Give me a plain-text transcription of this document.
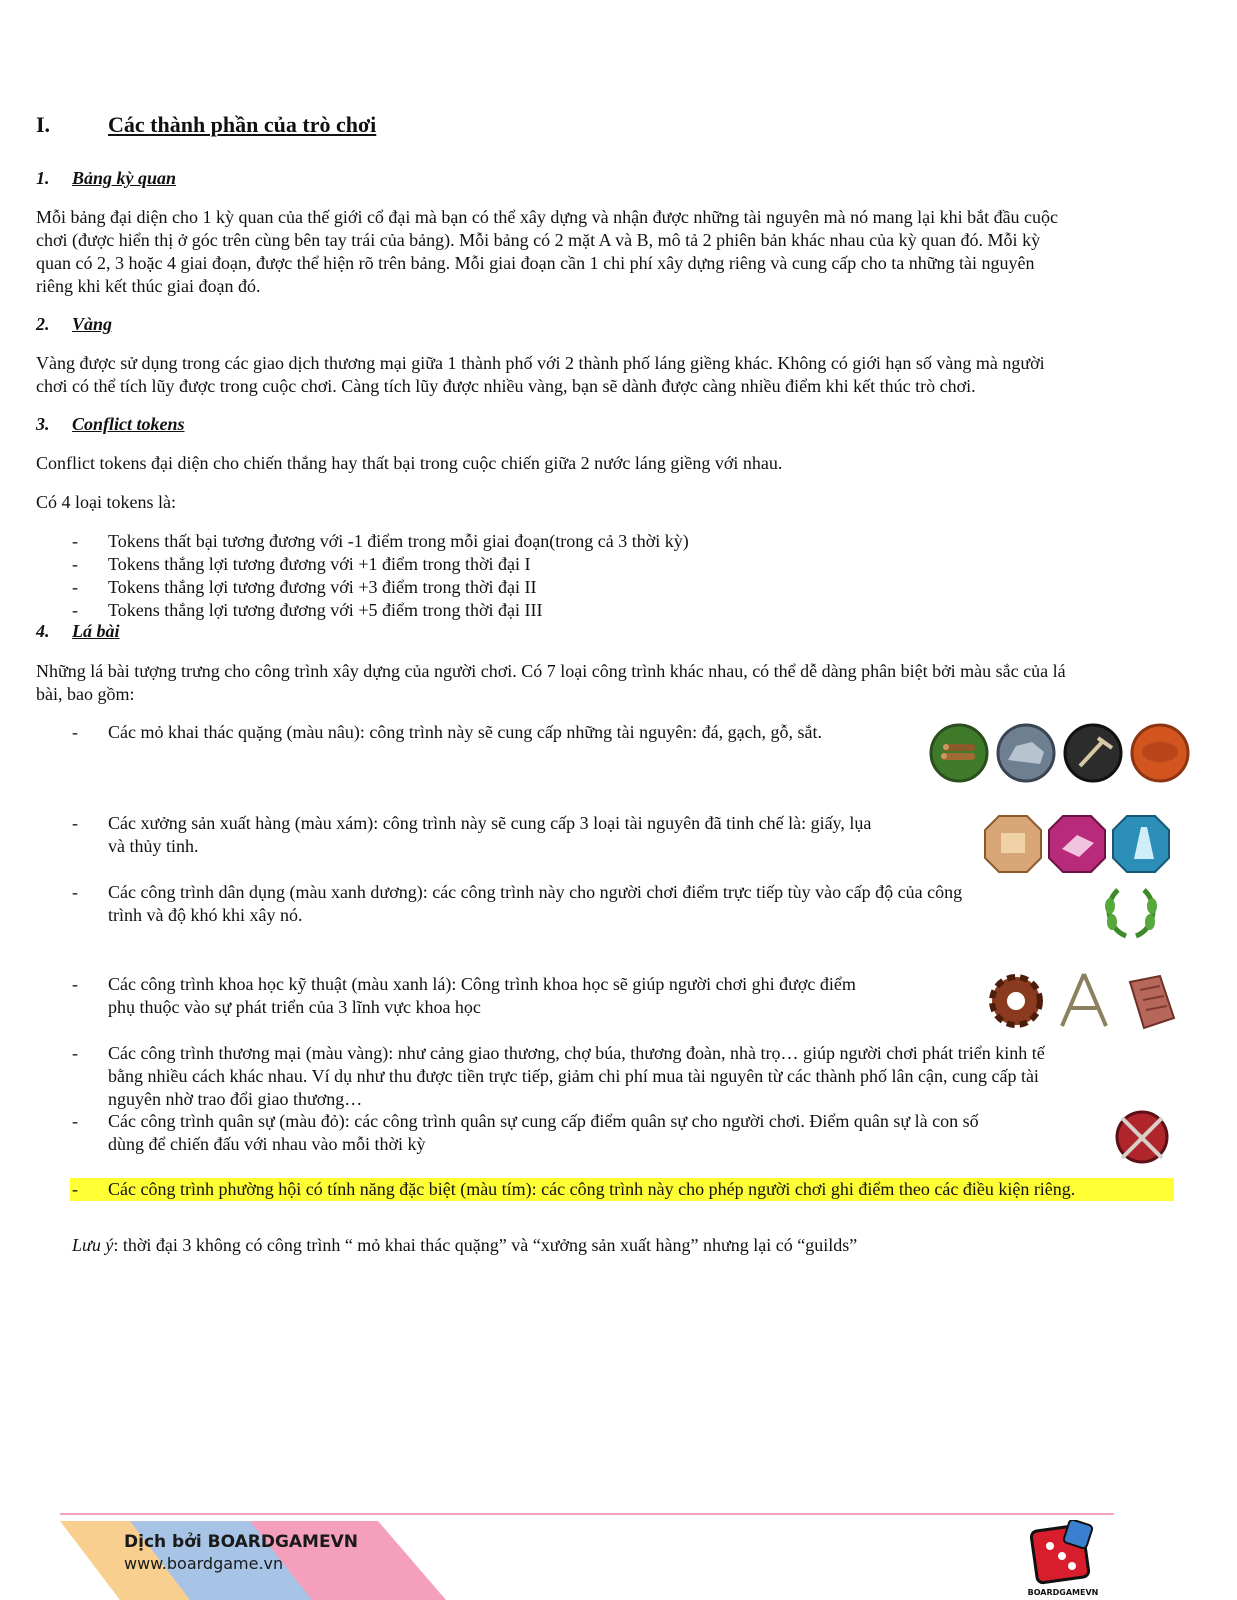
I.	Các thành phần của trò chơi
1. Bảng kỳ quan

Mỗi bảng đại diện cho 1 kỳ quan của thế giới cổ đại mà bạn có thể xây dựng và nhận được những tài nguyên mà nó mang lại khi bắt đầu cuộc
chơi (được hiển thị ở góc trên cùng bên tay trái của bảng). Mỗi bảng có 2 mặt A và B, mô tả 2 phiên bản khác nhau của kỳ quan đó. Mỗi kỳ
quan có 2, 3 hoặc 4 giai đoạn, được thể hiện rõ trên bảng. Mỗi giai đoạn cần 1 chi phí xây dựng riêng và cung cấp cho ta những tài nguyên
riêng khi kết thúc giai đoạn đó.

2. Vàng

Vàng được sử dụng trong các giao dịch thương mại giữa 1 thành phố với 2 thành phố láng giềng khác. Không có giới hạn số vàng mà người
chơi có thể tích lũy được trong cuộc chơi. Càng tích lũy được nhiều vàng, bạn sẽ dành được càng nhiều điểm khi kết thúc trò chơi.

3. Conflict tokens

Conflict tokens đại diện cho chiến thắng hay thất bại trong cuộc chiến giữa 2 nước láng giềng với nhau.

Có 4 loại tokens là:

- Tokens thất bại tương đương với -1 điểm trong mỗi giai đoạn(trong cả 3 thời kỳ)
- Tokens thắng lợi tương đương với +1 điểm trong thời đại I
- Tokens thắng lợi tương đương với +3 điểm trong thời đại II
- Tokens thắng lợi tương đương với +5 điểm trong thời đại III
4. Lá bài

Những lá bài tượng trưng cho công trình xây dựng của người chơi. Có 7 loại công trình khác nhau, có thể dễ dàng phân biệt bởi màu sắc của lá
bài, bao gồm:

- Các mỏ khai thác quặng (màu nâu): công trình này sẽ cung cấp những tài nguyên: đá, gạch, gỗ, sắt.
- Các xưởng sản xuất hàng (màu xám): công trình này sẽ cung cấp 3 loại tài nguyên đã tinh chế là: giấy, lụa
và thủy tinh.
- Các công trình dân dụng (màu xanh dương): các công trình này cho người chơi điểm trực tiếp tùy vào cấp độ của công
trình và độ khó khi xây nó.
- Các công trình khoa học kỹ thuật (màu xanh lá): Công trình khoa học sẽ giúp người chơi ghi được điểm
phụ thuộc vào sự phát triển của 3 lĩnh vực khoa học
- Các công trình thương mại (màu vàng): như cảng giao thương, chợ búa, thương đoàn, nhà trọ… giúp người chơi phát triển kinh tế
bằng nhiều cách khác nhau. Ví dụ như thu được tiền trực tiếp, giảm chi phí mua tài nguyên từ các thành phố lân cận, cung cấp tài
nguyên nhờ trao đổi giao thương…
- Các công trình quân sự (màu đỏ): các công trình quân sự cung cấp điểm quân sự cho người chơi. Điểm quân sự là con số
dùng để chiến đấu với nhau vào mỗi thời kỳ
- Các công trình phường hội có tính năng đặc biệt (màu tím): các công trình này cho phép người chơi ghi điểm theo các điều kiện riêng.

Lưu ý: thời đại 3 không có công trình “ mỏ khai thác quặng” và “xưởng sản xuất hàng” nhưng lại có “guilds”

Dịch bởi BOARDGAMEVN
www.boardgame.vn
BOARDGAMEVN
